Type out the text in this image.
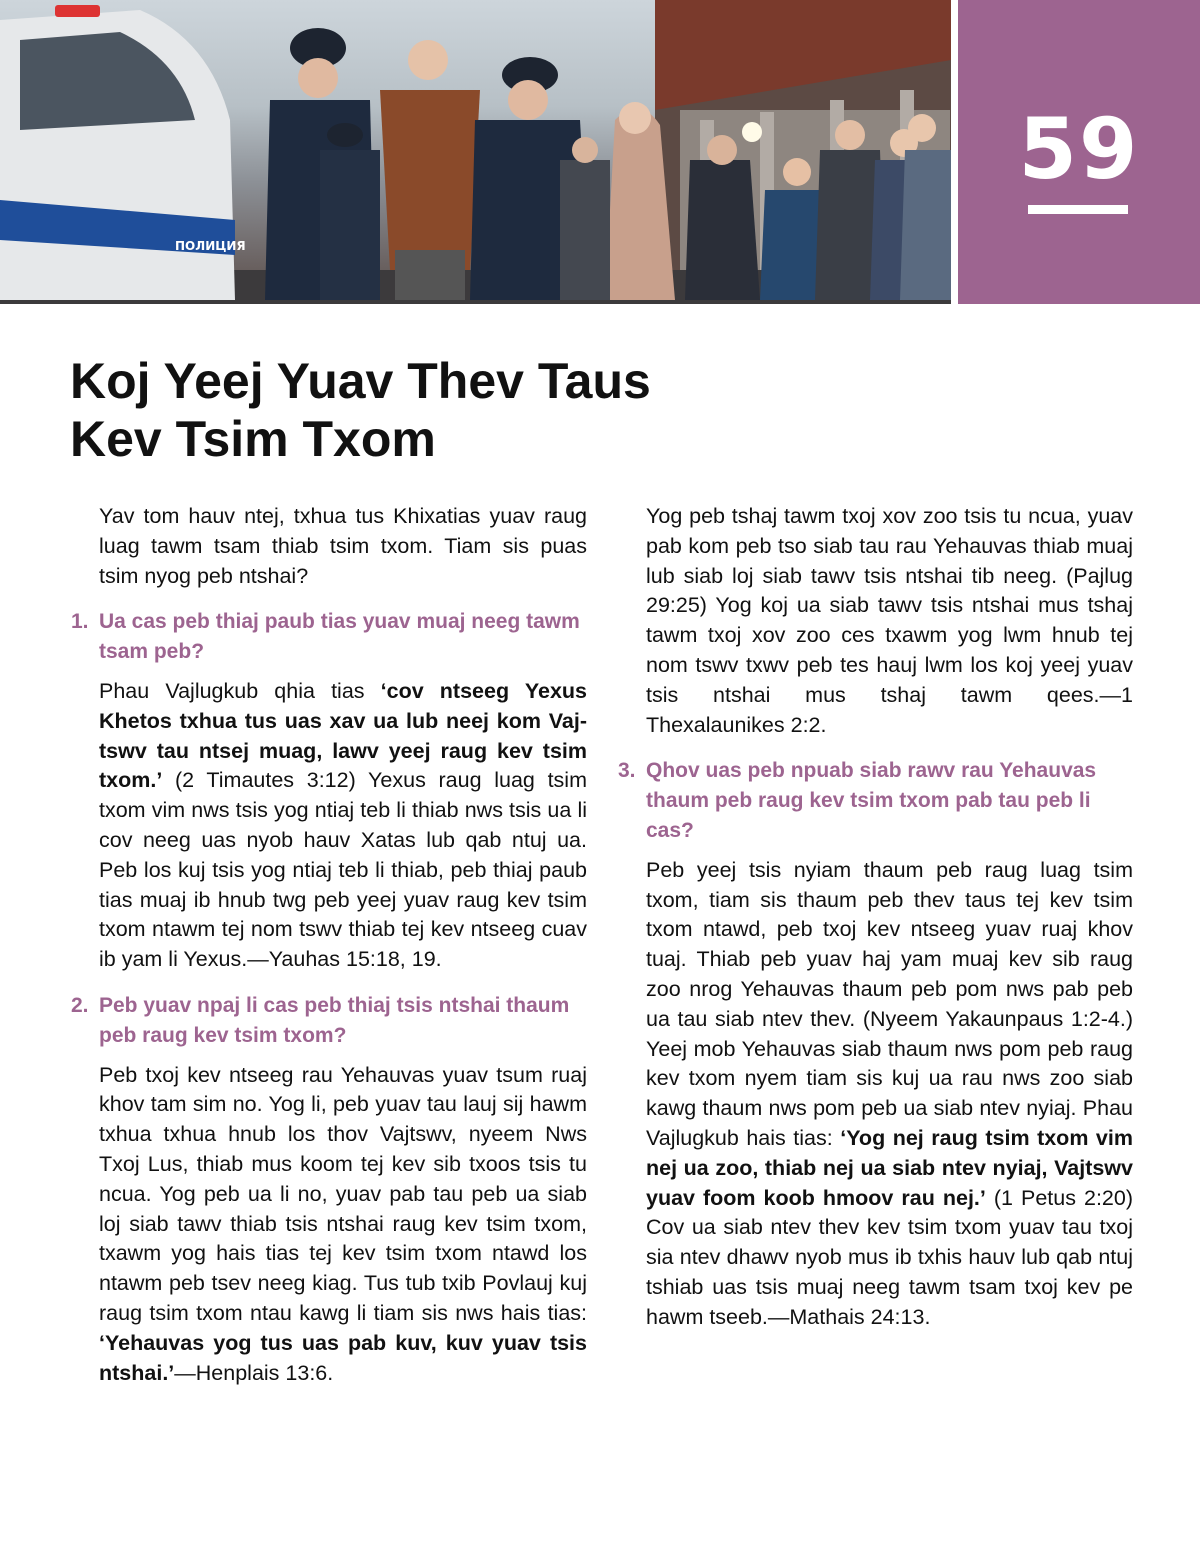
ПОЛИЦИЯ
33
59
Koj Yeej Yuav Thev Taus
Kev Tsim Txom

Yav tom hauv ntej, txhua tus Khixatias yuav raug luag tawm tsam thiab tsim txom. Tiam sis puas tsim nyog peb ntshai?

1. Ua cas peb thiaj paub tias yuav muaj neeg tawm tsam peb?

Phau Vajlugkub qhia tias ‘cov ntseeg Yexus Khetos txhua tus uas xav ua lub neej kom Vajtswv tau ntsej muag, lawv yeej raug kev tsim txom.’ (2 Timautes 3:12) Yexus raug luag tsim txom vim nws tsis yog ntiaj teb li thiab nws tsis ua li cov neeg uas nyob hauv Xatas lub qab ntuj ua. Peb los kuj tsis yog ntiaj teb li thiab, peb thiaj paub tias muaj ib hnub twg peb yeej yuav raug kev tsim txom ntawm tej nom tswv thiab tej kev ntseeg cuav ib yam li Yexus.—Yauhas 15:18, 19.

2. Peb yuav npaj li cas peb thiaj tsis ntshai thaum peb raug kev tsim txom?

Peb txoj kev ntseeg rau Yehauvas yuav tsum ruaj khov tam sim no. Yog li, peb yuav tau lauj sij hawm txhua txhua hnub los thov Vajtswv, nyeem Nws Txoj Lus, thiab mus koom tej kev sib txoos tsis tu ncua. Yog peb ua li no, yuav pab tau peb ua siab loj siab tawv thiab tsis ntshai raug kev tsim txom, txawm yog hais tias tej kev tsim txom ntawd los ntawm peb tsev neeg kiag. Tus tub txib Povlauj kuj raug tsim txom ntau kawg li tiam sis nws hais tias: ‘Yehauvas yog tus uas pab kuv, kuv yuav tsis ntshai.’—Henplais 13:6.

Yog peb tshaj tawm txoj xov zoo tsis tu ncua, yuav pab kom peb tso siab tau rau Yehauvas thiab muaj lub siab loj siab tawv tsis ntshai tib neeg. (Pajlug 29:25) Yog koj ua siab tawv tsis ntshai mus tshaj tawm txoj xov zoo ces txawm yog lwm hnub tej nom tswv txwv peb tes hauj lwm los koj yeej yuav tsis ntshai mus tshaj tawm qees.—1 Thexalaunikes 2:2.

3. Qhov uas peb npuab siab rawv rau Yehauvas thaum peb raug kev tsim txom pab tau peb li cas?

Peb yeej tsis nyiam thaum peb raug luag tsim txom, tiam sis thaum peb thev taus tej kev tsim txom ntawd, peb txoj kev ntseeg yuav ruaj khov tuaj. Thiab peb yuav haj yam muaj kev sib raug zoo nrog Yehauvas thaum peb pom nws pab peb ua tau siab ntev thev. (Nyeem Yakaunpaus 1:2-4.) Yeej mob Yehauvas siab thaum nws pom peb raug kev txom nyem tiam sis kuj ua rau nws zoo siab kawg thaum nws pom peb ua siab ntev nyiaj. Phau Vajlugkub hais tias: ‘Yog nej raug tsim txom vim nej ua zoo, thiab nej ua siab ntev nyiaj, Vajtswv yuav foom koob hmoov rau nej.’ (1 Petus 2:20) Cov ua siab ntev thev kev tsim txom yuav tau txoj sia ntev dhawv nyob mus ib txhis hauv lub qab ntuj tshiab uas tsis muaj neeg tawm tsam txoj kev pe hawm tseeb.—Mathais 24:13.
